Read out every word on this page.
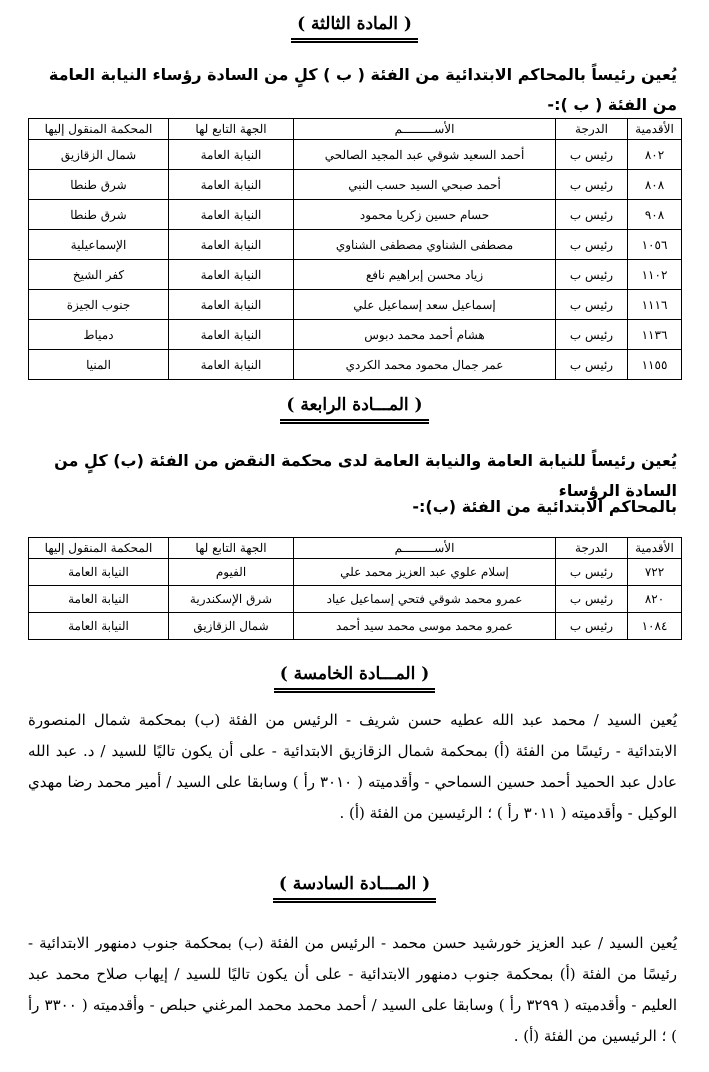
( المادة الثالثة )
يُعين رئيساً بالمحاكم الابتدائية من الفئة ( ب ) كلٍ من السادة رؤساء النيابة العامة من الفئة ( ب ):-
الأقدمية	الدرجة	الأســـــــــم	الجهة التابع لها	المحكمة المنقول إليها
٨٠٢	رئيس ب	أحمد السعيد شوقي عبد المجيد الصالحي	النيابة العامة	شمال الزقازيق
٨٠٨	رئيس ب	أحمد صبحي السيد حسب النبي	النيابة العامة	شرق طنطا
٩٠٨	رئيس ب	حسام حسين زكريا محمود	النيابة العامة	شرق طنطا
١٠٥٦	رئيس ب	مصطفى الشناوي مصطفى الشناوي	النيابة العامة	الإسماعيلية
١١٠٢	رئيس ب	زياد محسن إبراهيم نافع	النيابة العامة	كفر الشيخ
١١١٦	رئيس ب	إسماعيل سعد إسماعيل علي	النيابة العامة	جنوب الجيزة
١١٣٦	رئيس ب	هشام أحمد محمد دبوس	النيابة العامة	دمياط
١١٥٥	رئيس ب	عمر جمال محمود محمد الكردي	النيابة العامة	المنيا
( المـــادة الرابعة )
يُعين رئيساً للنيابة العامة والنيابة العامة لدى محكمة النقض من الفئة (ب) كلٍ من السادة الرؤساء
بالمحاكم الابتدائية من الفئة (ب):-
الأقدمية	الدرجة	الأســـــــــم	الجهة التابع لها	المحكمة المنقول إليها
٧٢٢	رئيس ب	إسلام علوي عبد العزيز محمد علي	الفيوم	النيابة العامة
٨٢٠	رئيس ب	عمرو محمد شوقي فتحي إسماعيل عياد	شرق الإسكندرية	النيابة العامة
١٠٨٤	رئيس ب	عمرو محمد موسى محمد سيد أحمد	شمال الزقازيق	النيابة العامة
( المـــادة الخامسة )
يُعين السيد / محمد عبد الله عطيه حسن شريف - الرئيس من الفئة (ب) بمحكمة شمال المنصورة الابتدائية - رئيسًا من الفئة (أ) بمحكمة شمال الزقازيق الابتدائية - على أن يكون تاليًا للسيد / د. عبد الله عادل عبد الحميد أحمد حسين السماحي - وأقدميته ( ٣٠١٠ رأ ) وسابقا على السيد / أمير محمد رضا مهدي الوكيل - وأقدميته ( ٣٠١١ رأ ) ؛ الرئيسين من الفئة (أ) .
( المـــادة السادسة )
يُعين السيد / عبد العزيز خورشيد حسن محمد - الرئيس من الفئة (ب) بمحكمة جنوب دمنهور الابتدائية - رئيسًا من الفئة (أ) بمحكمة جنوب دمنهور الابتدائية - على أن يكون تاليًا للسيد / إيهاب صلاح محمد عبد العليم - وأقدميته ( ٣٢٩٩ رأ ) وسابقا على السيد / أحمد محمد محمد المرغني حبلص - وأقدميته ( ٣٣٠٠ رأ ) ؛ الرئيسين من الفئة (أ) .
